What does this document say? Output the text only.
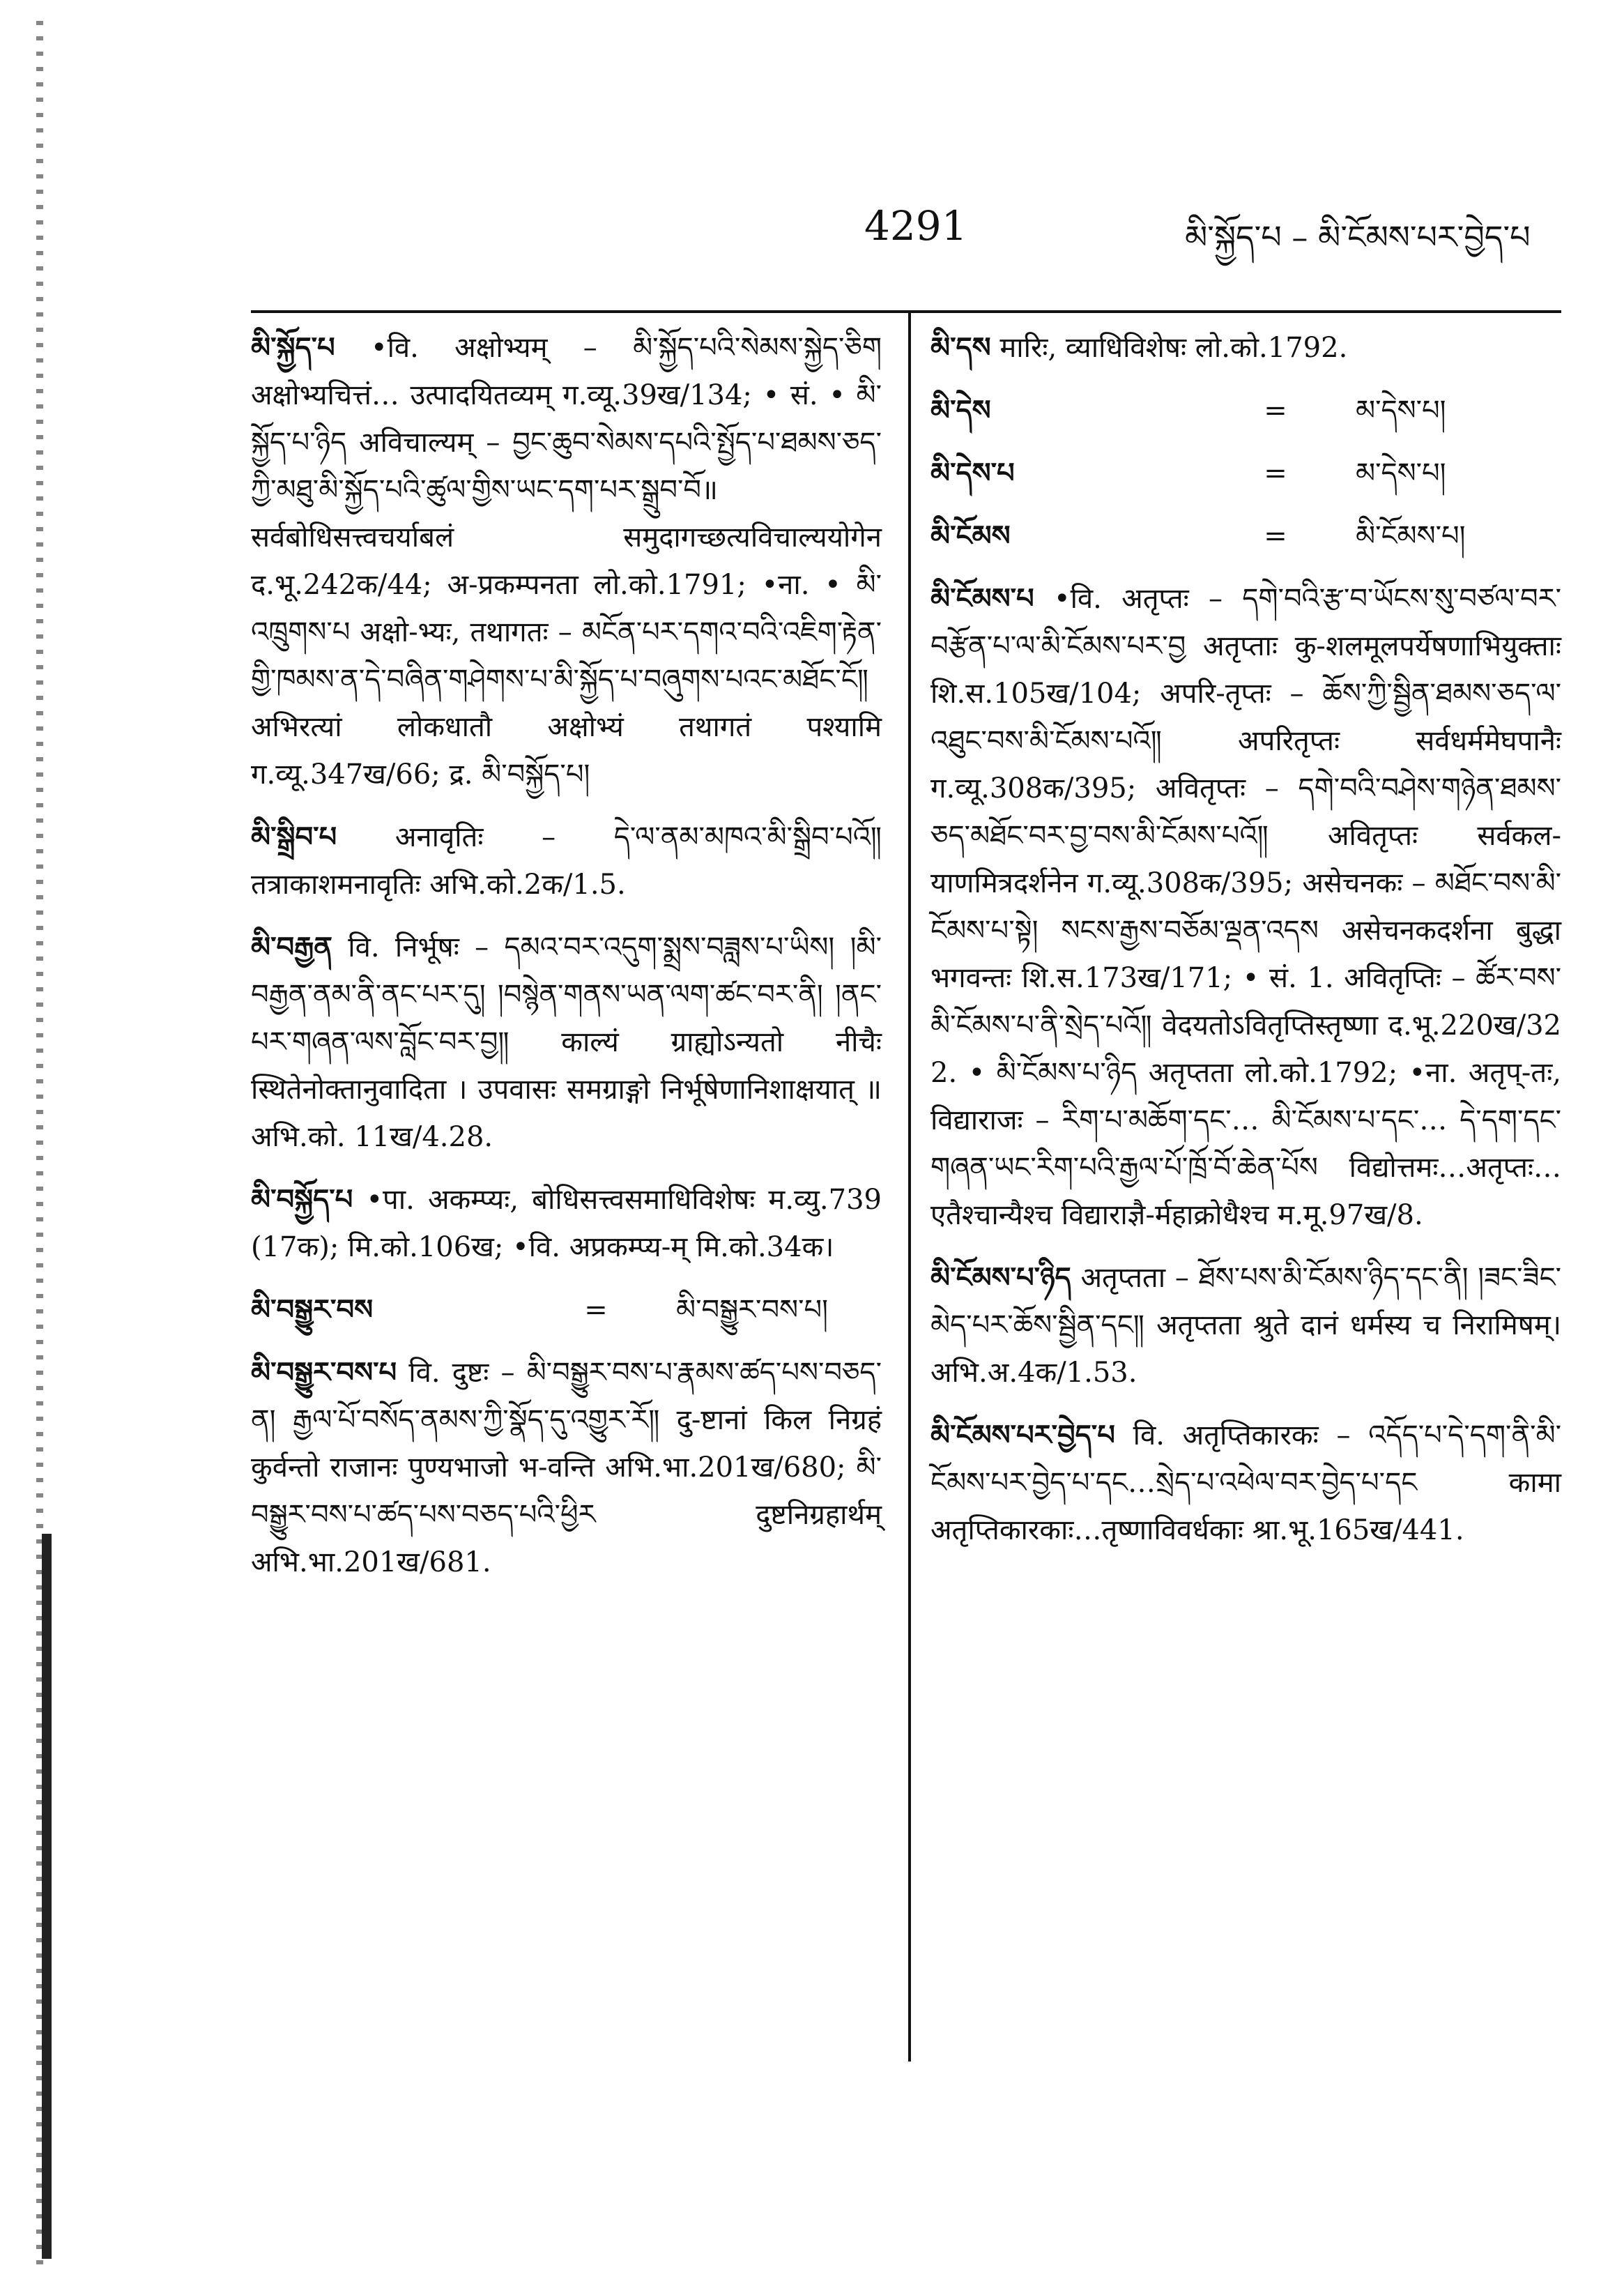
4291	མི་སྐྱོད་པ – མི་ངོམས་པར་བྱེད་པ
མི་སྐྱོད་པ •वि. अक्षोभ्यम् – མི་སྐྱོད་པའི་སེམས་སྐྱེད་ཅིག अक्षोभ्यचित्तं… उत्पादयितव्यम् ग.व्यू.39ख/134; • सं. • མི་སྐྱོད་པ་ཉིད अविचाल्यम् – བྱང་ཆུབ་སེམས་དཔའི་སྤྱོད་པ་ཐམས་ཅད་ཀྱི་མཐུ་མི་སྐྱོད་པའི་ཚུལ་གྱིས་ཡང་དག་པར་སྒྲུབ་བོ॥ सर्वबोधिसत्त्वचर्याबलं समुदागच्छत्यविचाल्ययोगेन द.भू.242क/44; अ-प्रकम्पनता लो.को.1791; •ना. • མི་འཁྲུགས་པ अक्षो-भ्यः, तथागतः – མངོན་པར་དགའ་བའི་འཇིག་རྟེན་གྱི་ཁམས་ན་དེ་བཞིན་གཤེགས་པ་མི་སྐྱོད་པ་བཞུགས་པའང་མཐོང་ངོ༎ अभिरत्यां लोकधातौ अक्षोभ्यं तथागतं पश्यामि ग.व्यू.347ख/66; द्र. མི་བསྐྱོད་པ།
མི་སྒྲིབ་པ अनावृतिः – དེ་ལ་ནམ་མཁའ་མི་སྒྲིབ་པའོ༎ तत्राकाशमनावृतिः अभि.को.2क/1.5.
མི་བརྒྱན वि. निर्भूषः – དམའ་བར་འདུག་སྨྲས་བཟླས་པ་ཡིས། །མི་བརྒྱན་ནམ་ནི་ནང་པར་དུ། །བསྙེན་གནས་ཡན་ལག་ཚང་བར་ནི། །ནང་པར་གཞན་ལས་བློང་བར་བྱ༎ काल्यं ग्राह्योऽन्यतो नीचैः स्थितेनोक्तानुवादिता । उपवासः समग्राङ्गो निर्भूषेणानिशाक्षयात् ॥ अभि.को. 11ख/4.28.
མི་བསྐྱོད་པ •पा. अकम्प्यः, बोधिसत्त्वसमाधिविशेषः म.व्यु.739 (17क); मि.को.106ख; •वि. अप्रकम्प्य-म् मि.को.34क।
མི་བསྒྱུར་བས	=	མི་བསྒྱུར་བས་པ།
མི་བསྒྱུར་བས་པ वि. दुष्टः – མི་བསྒྱུར་བས་པ་རྣམས་ཚད་པས་བཅད་ན། རྒྱལ་པོ་བསོད་ནམས་ཀྱི་སྣོད་དུ་འགྱུར་རོ༎ दु-ष्टानां किल निग्रहं कुर्वन्तो राजानः पुण्यभाजो भ-वन्ति अभि.भा.201ख/680; མི་བསྒྱུར་བས་པ་ཚད་པས་བཅད་པའི་ཕྱིར दुष्टनिग्रहार्थम् अभि.भा.201ख/681.
མི་དས मारिः, व्याधिविशेषः लो.को.1792.
མི་དེས	=	མ་དེས་པ།
མི་དེས་པ	=	མ་དེས་པ།
མི་ངོམས	=	མི་ངོམས་པ།
མི་ངོམས་པ •वि. अतृप्तः – དགེ་བའི་རྩ་བ་ཡོངས་སུ་བཙལ་བར་བརྩོན་པ་ལ་མི་ངོམས་པར་བྱ अतृप्ताः कु-शलमूलपर्येषणाभियुक्ताः शि.स.105ख/104; अपरि-तृप्तः – ཆོས་ཀྱི་སྦྱིན་ཐམས་ཅད་ལ་འཐུང་བས་མི་ངོམས་པའོ༎ अपरितृप्तः सर्वधर्ममेघपानैः ग.व्यू.308क/395; अवितृप्तः – དགེ་བའི་བཤེས་གཉེན་ཐམས་ཅད་མཐོང་བར་བྱ་བས་མི་ངོམས་པའོ༎ अवितृप्तः सर्वकल-याणमित्रदर्शनेन ग.व्यू.308क/395; असेचनकः – མཐོང་བས་མི་ངོམས་པ་སྟེ། སངས་རྒྱས་བཅོམ་ལྡན་འདས असेचनकदर्शना बुद्धा भगवन्तः शि.स.173ख/171; • सं. 1. अवितृप्तिः – ཚོར་བས་མི་ངོམས་པ་ནི་སྲེད་པའོ༎ वेदयतोऽवितृप्तिस्तृष्णा द.भू.220ख/32 2. • མི་ངོམས་པ་ཉིད अतृप्तता लो.को.1792; •ना. अतृप्-तः, विद्याराजः – རིག་པ་མཆོག་དང་… མི་ངོམས་པ་དང་… དེ་དག་དང་གཞན་ཡང་རིག་པའི་རྒྱལ་པོ་ཁྲོ་བོ་ཆེན་པོས विद्योत्तमः…अतृप्तः…एतैश्चान्यैश्च विद्याराज्ञै-र्महाक्रोधैश्च म.मू.97ख/8.
མི་ངོམས་པ་ཉིད अतृप्तता – ཐོས་པས་མི་ངོམས་ཉིད་དང་ནི། །ཟང་ཟིང་མེད་པར་ཆོས་སྦྱིན་དང༎ अतृप्तता श्रुते दानं धर्मस्य च निरामिषम्। अभि.अ.4क/1.53.
མི་ངོམས་པར་བྱེད་པ वि. अतृप्तिकारकः – འདོད་པ་དེ་དག་ནི་མི་ངོམས་པར་བྱེད་པ་དང…སྲེད་པ་འཕེལ་བར་བྱེད་པ་དང कामा अतृप्तिकारकाः…तृष्णाविवर्धकाः श्रा.भू.165ख/441.
